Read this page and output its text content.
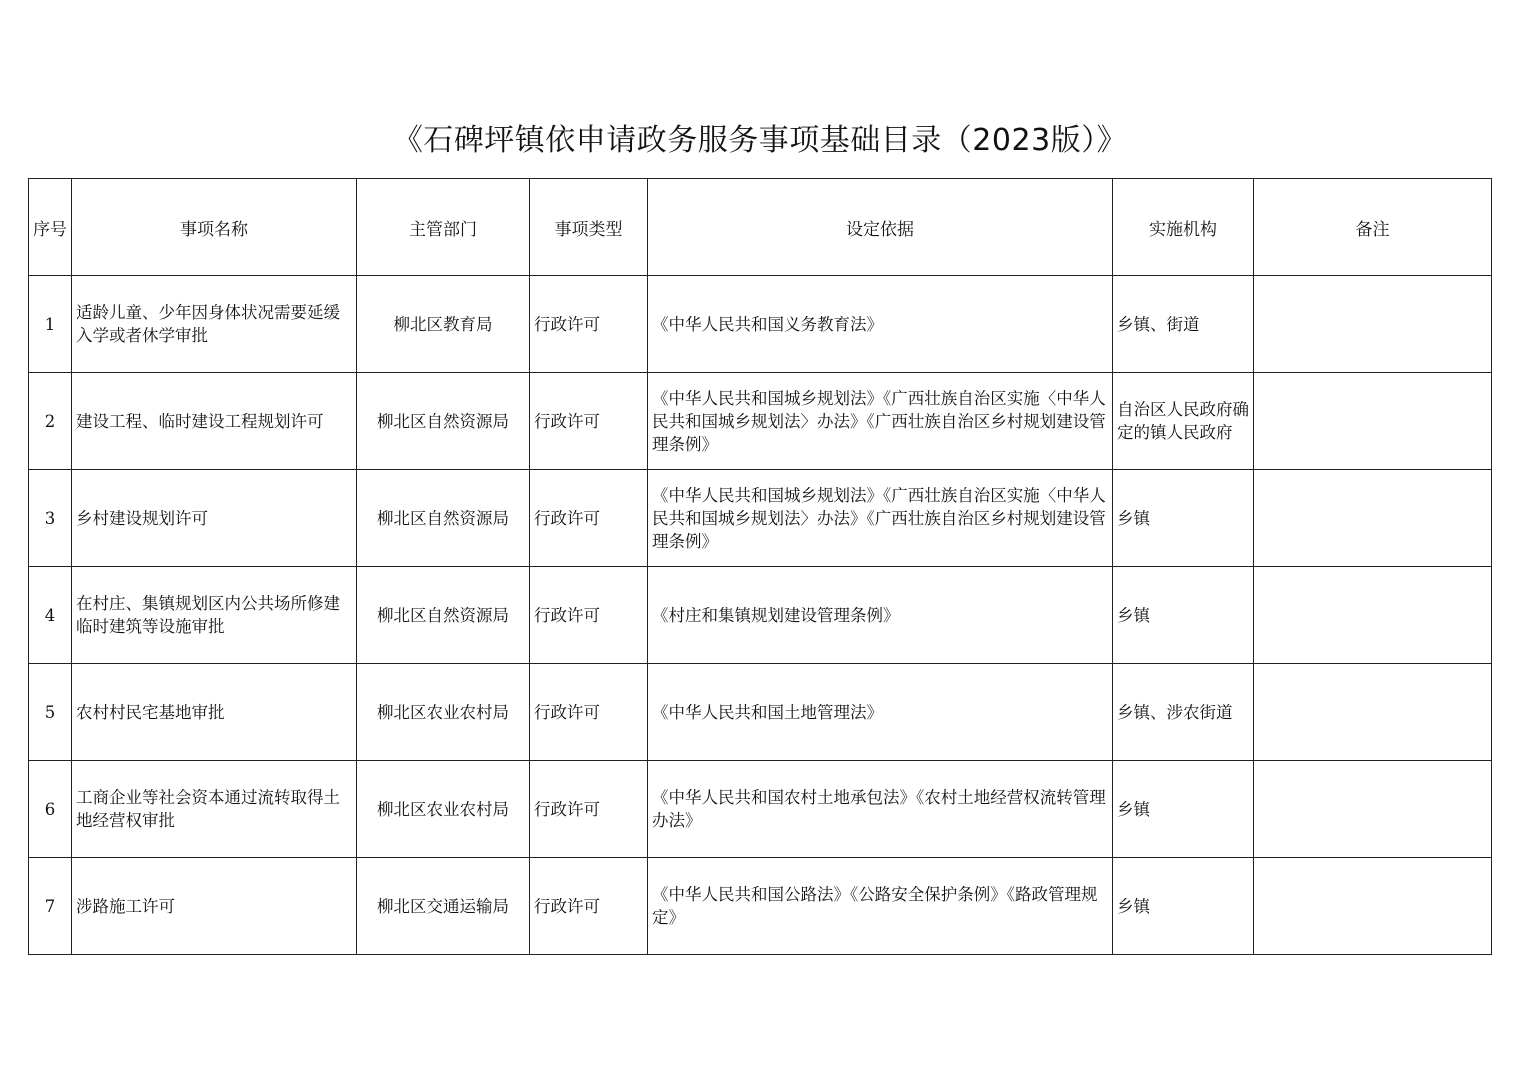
《石碑坪镇依申请政务服务事项基础目录（2023版）》
序号	事项名称	主管部门	事项类型	设定依据	实施机构	备注
1	适龄儿童、少年因身体状况需要延缓入学或者休学审批	柳北区教育局	行政许可	《中华人民共和国义务教育法》	乡镇、街道	
2	建设工程、临时建设工程规划许可	柳北区自然资源局	行政许可	《中华人民共和国城乡规划法》《广西壮族自治区实施〈中华人民共和国城乡规划法〉办法》《广西壮族自治区乡村规划建设管理条例》	自治区人民政府确定的镇人民政府	
3	乡村建设规划许可	柳北区自然资源局	行政许可	《中华人民共和国城乡规划法》《广西壮族自治区实施〈中华人民共和国城乡规划法〉办法》《广西壮族自治区乡村规划建设管理条例》	乡镇	
4	在村庄、集镇规划区内公共场所修建临时建筑等设施审批	柳北区自然资源局	行政许可	《村庄和集镇规划建设管理条例》	乡镇	
5	农村村民宅基地审批	柳北区农业农村局	行政许可	《中华人民共和国土地管理法》	乡镇、涉农街道	
6	工商企业等社会资本通过流转取得土地经营权审批	柳北区农业农村局	行政许可	《中华人民共和国农村土地承包法》《农村土地经营权流转管理办法》	乡镇	
7	涉路施工许可	柳北区交通运输局	行政许可	《中华人民共和国公路法》《公路安全保护条例》《路政管理规定》	乡镇	
